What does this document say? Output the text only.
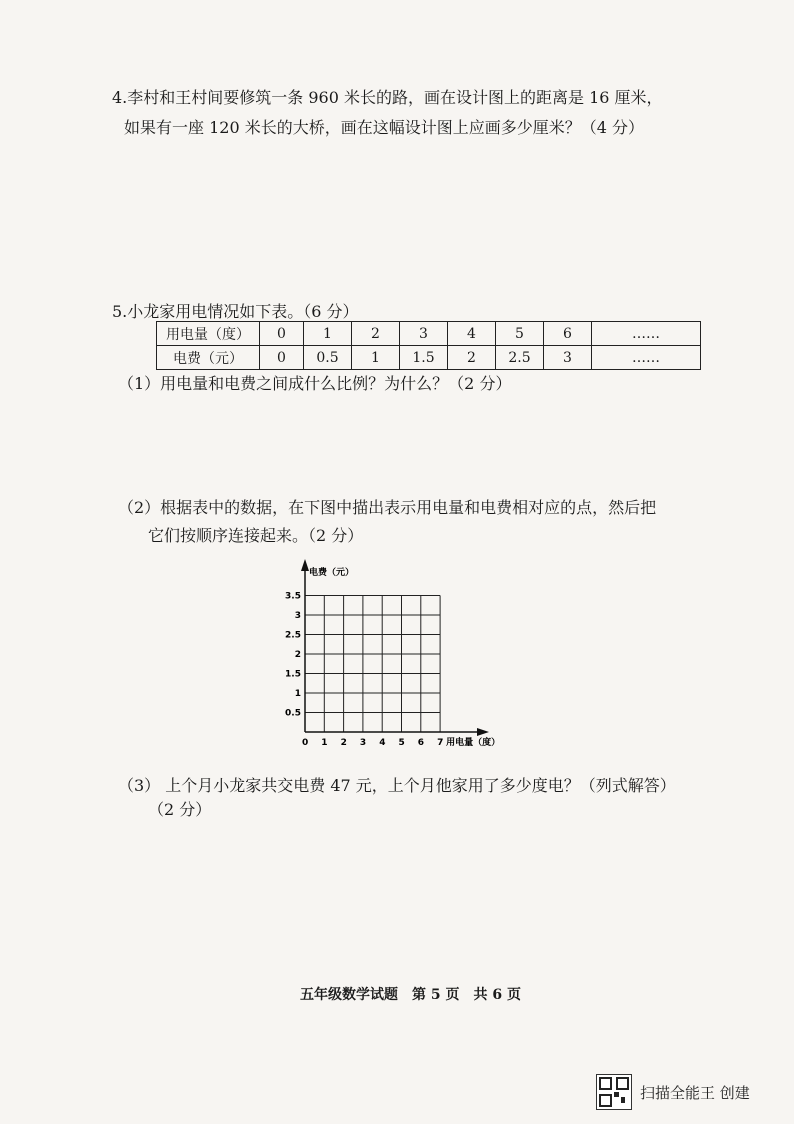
4.李村和王村间要修筑一条 960 米长的路，画在设计图上的距离是 16 厘米，
如果有一座 120 米长的大桥，画在这幅设计图上应画多少厘米？（4 分）
5.小龙家用电情况如下表。（6 分）
用电量（度）	0	1	2	3	4	5	6	……
电费（元）	0	0.5	1	1.5	2	2.5	3	……
（1）用电量和电费之间成什么比例？为什么？（2 分）
（2）根据表中的数据，在下图中描出表示用电量和电费相对应的点，然后把
它们按顺序连接起来。（2 分）
0 1 2 3 4 5 6 7
0.5
1
1.5
2
2.5
3
3.5
电费（元）
用电量（度）
（3） 上个月小龙家共交电费 47 元，上个月他家用了多少度电？（列式解答）
（2 分）
五年级数学试题　第 5 页　共 6 页
扫描全能王 创建
